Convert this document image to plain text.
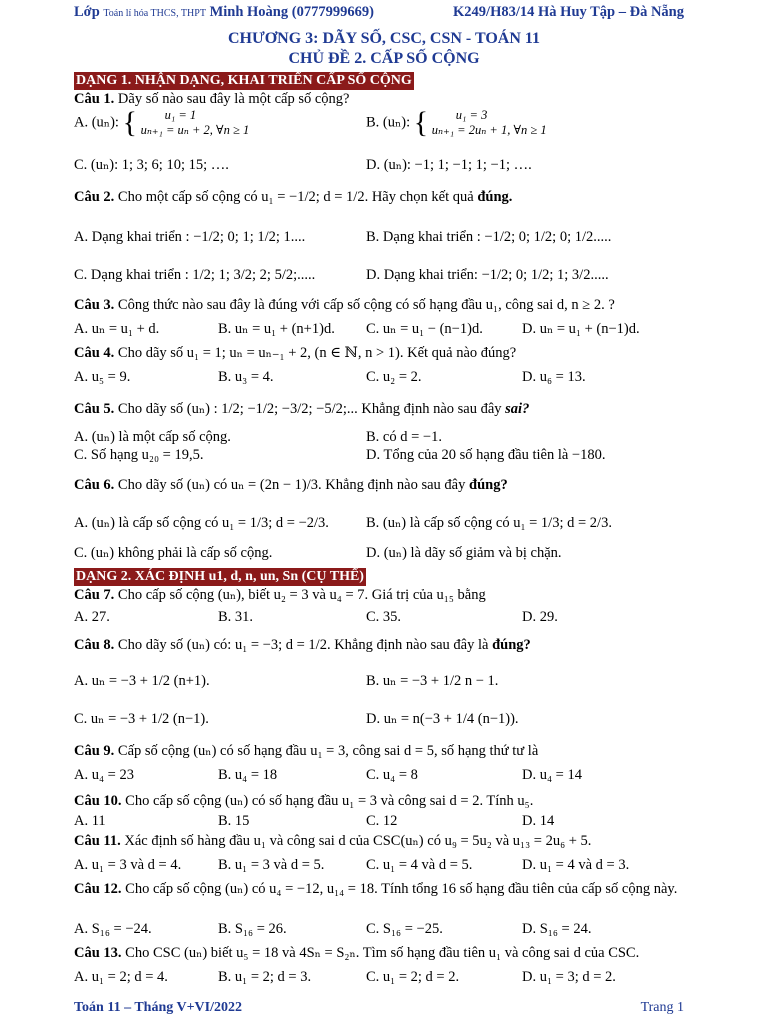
Lớp Toán lí hóa THCS, THPT Minh Hoàng (0777999669)	K249/H83/14 Hà Huy Tập – Đà Nẵng
CHƯƠNG 3: DÃY SỐ, CSC, CSN - TOÁN 11
CHỦ ĐỀ 2. CẤP SỐ CỘNG
DẠNG 1. NHẬN DẠNG, KHAI TRIỂN CẤP SỐ CỘNG
Câu 1. Dãy số nào sau đây là một cấp số cộng?
A. (uₙ): { u₁ = 1
uₙ₊₁ = uₙ + 2, ∀n ≥ 1	B. (uₙ): { u₁ = 3
uₙ₊₁ = 2uₙ + 1, ∀n ≥ 1
C. (uₙ): 1; 3; 6; 10; 15; ….	D. (uₙ): −1; 1; −1; 1; −1; ….
Câu 2. Cho một cấp số cộng có u₁ = −1/2; d = 1/2. Hãy chọn kết quả đúng.
A. Dạng khai triển : −1/2; 0; 1; 1/2; 1....	B. Dạng khai triển : −1/2; 0; 1/2; 0; 1/2.....
C. Dạng khai triển : 1/2; 1; 3/2; 2; 5/2;.....	D. Dạng khai triển: −1/2; 0; 1/2; 1; 3/2.....
Câu 3. Công thức nào sau đây là đúng với cấp số cộng có số hạng đầu u₁, công sai d, n ≥ 2. ?
A. uₙ = u₁ + d.	B. uₙ = u₁ + (n+1)d. C. uₙ = u₁ − (n−1)d.	D. uₙ = u₁ + (n−1)d.
Câu 4. Cho dãy số u₁ = 1; uₙ = uₙ₋₁ + 2, (n ∈ ℕ, n > 1). Kết quả nào đúng?
A. u₅ = 9.	B. u₃ = 4.	C. u₂ = 2.	D. u₆ = 13.
Câu 5. Cho dãy số (uₙ) : 1/2; −1/2; −3/2; −5/2;... Khẳng định nào sau đây sai?
A. (uₙ) là một cấp số cộng.	B. có d = −1.
C. Số hạng u₂₀ = 19,5.	D. Tổng của 20 số hạng đầu tiên là −180.
Câu 6. Cho dãy số (uₙ) có uₙ = (2n − 1)/3. Khẳng định nào sau đây đúng?
A. (uₙ) là cấp số cộng có u₁ = 1/3; d = −2/3.	B. (uₙ) là cấp số cộng có u₁ = 1/3; d = 2/3.
C. (uₙ) không phải là cấp số cộng.	D. (uₙ) là dãy số giảm và bị chặn.
DẠNG 2. XÁC ĐỊNH u1, d, n, un, Sn (CỤ THỂ)
Câu 7. Cho cấp số cộng (uₙ), biết u₂ = 3 và u₄ = 7. Giá trị của u₁₅ bằng
A. 27.	B. 31.	C. 35.	D. 29.
Câu 8. Cho dãy số (uₙ) có: u₁ = −3; d = 1/2. Khẳng định nào sau đây là đúng?
A. uₙ = −3 + 1/2 (n+1).	B. uₙ = −3 + 1/2 n − 1.
C. uₙ = −3 + 1/2 (n−1).	D. uₙ = n(−3 + 1/4 (n−1)).
Câu 9. Cấp số cộng (uₙ) có số hạng đầu u₁ = 3, công sai d = 5, số hạng thứ tư là
A. u₄ = 23	B. u₄ = 18	C. u₄ = 8	D. u₄ = 14
Câu 10. Cho cấp số cộng (uₙ) có số hạng đầu u₁ = 3 và công sai d = 2. Tính u₅.
A. 11	B. 15	C. 12	D. 14
Câu 11. Xác định số hàng đầu u₁ và công sai d của CSC(uₙ) có u₉ = 5u₂ và u₁₃ = 2u₆ + 5.
A. u₁ = 3 và d = 4.	B. u₁ = 3 và d = 5.	C. u₁ = 4 và d = 5.	D. u₁ = 4 và d = 3.
Câu 12. Cho cấp số cộng (uₙ) có u₄ = −12, u₁₄ = 18. Tính tổng 16 số hạng đầu tiên của cấp số cộng này.
A. S₁₆ = −24.	B. S₁₆ = 26.	C. S₁₆ = −25.	D. S₁₆ = 24.
Câu 13. Cho CSC (uₙ) biết u₅ = 18 và 4Sₙ = S₂ₙ. Tìm số hạng đầu tiên u₁ và công sai d của CSC.
A. u₁ = 2; d = 4.	B. u₁ = 2; d = 3.	C. u₁ = 2; d = 2.	D. u₁ = 3; d = 2.
Toán 11 – Tháng V+VI/2022	Trang 1
